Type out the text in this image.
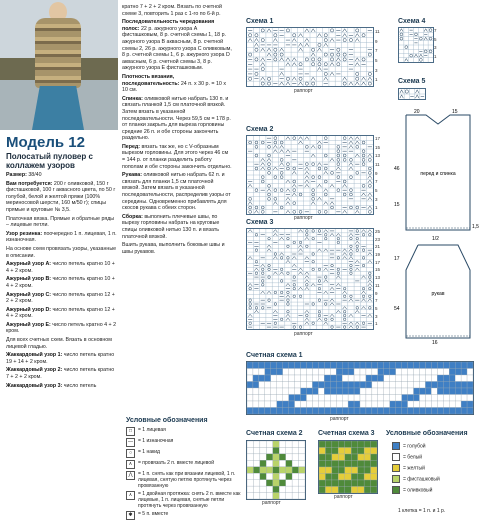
Модель 12
Полосатый пуловер с коллажем узоров

Размер: 38/40

Вам потребуется: 200 г оливковой, 150 г фисташковой, 100 г аквасного цвета, по 50 г голубой, белой и желтой пряжи (100% мериносовой шерсти, 160 м/50 г); спицы прямые и круговые № 3,5.

Платочная вязка. Прямые и обратные ряды – лицевые петли.

Узор резинка: поочередно 1 п. лицевая, 1 п. изнаночная.

На основе схем провязать узоры, указанные в описании.

Ажурный узор A: число петель кратно 10 + 4 + 2 кром.

Ажурный узор B: число петель кратно 10 + 4 + 2 кром.

Ажурный узор C: число петель кратно 12 + 2 + 2 кром.

Ажурный узор D: число петель кратно 12 + 4 + 2 кром.

Ажурный узор E: число петель кратно 4 + 2 кром.

Для всех счетных схем. Вязать в основном лицевой гладью.

Жаккардовый узор 1: число петель кратно 19 + 14 + 2 кром.

Жаккардовый узор 2: число петель кратно 7 + 2 + 2 кром.

Жаккардовый узор 3: число петель

кратно 7 + 2 + 2 кром. Вязать по счетной схеме 3, повторить 1 раз с 1-го по 6-й р.

Последовательность чередования полос: 22 р. ажурного узора A фисташковым, 8 р. счетной схемы 1, 18 р. ажурного узора B аквасным, 8 р. счетной схемы 2, 26 р. ажурного узора C оливковым, 8 р. счетной схемы 1, 6 р. ажурного узора D аквасным, 6 р. счетной схемы 3, 8 р. ажурного узора E фисташковым.

Плотность вязания, последовательность: 24 п. x 30 р. = 10 x 10 см.

Спинка: оливковой нитью набрать 130 п. и связать планкой 1,5 см платочной вязкой. Затем вязать в указанной последовательности. Через 59,5 см = 178 р. от планки закрыть для выреза горловины средние 26 п. и обе стороны закончить раздельно.

Перед: вязать так же, но с V-образным вырезом горловины. Для этого через 46 см = 144 р. от планки разделить работу пополам и обе стороны закончить отдельно.

Рукава: оливковой нитью набрать 62 п. и связать для планки 1,5 см платочной вязкой. Затем вязать в указанной последовательности, распределив узоры от середины. Одновременно прибавлять для скосов рукава с обеих сторон.

Сборка: выполнить плечевые швы, по вырезу горловины набрать на круговые спицы оливковой нитью 130 п. и вязать платочной вязкой.

Вшить рукава, выполнить боковые швы и швы рукавов.

Схема 1
11
9
7
5
3
1
раппорт
Схема 4
7
5
3
1
Схема 5
Схема 2
17
15
13
11
9
7
5
3
1
раппорт
Схема 3
25
23
21
19
17
15
13
11
9
7
5
3
1
раппорт
перед и спинка
рукав
20	15
46
15
17
54
1,5
1/2
16
Счетная схема 1
раппорт
Условные обозначения
□	= 1 лицевая
—	= 1 изнаночная
○	= 1 накид
∧	= провязать 2 п. вместе лицевой
⋀	= 1 п. снять как при вязании лицевой, 1 п. лицевая, снятую петлю протянуть через провязанную
⋏	= 1 двойная протяжка: снять 2 п. вместе как лицевые, 1 п. лицевая, снятые петли протянуть через провязанную
✱	= 5 п. вместе
Счетная схема 2
раппорт
Счетная схема 3
раппорт
Условные обозначения
= голубой
= белый
= желтый
= фисташковый
= оливковый
1 клетка = 1 п. и 1 р.
